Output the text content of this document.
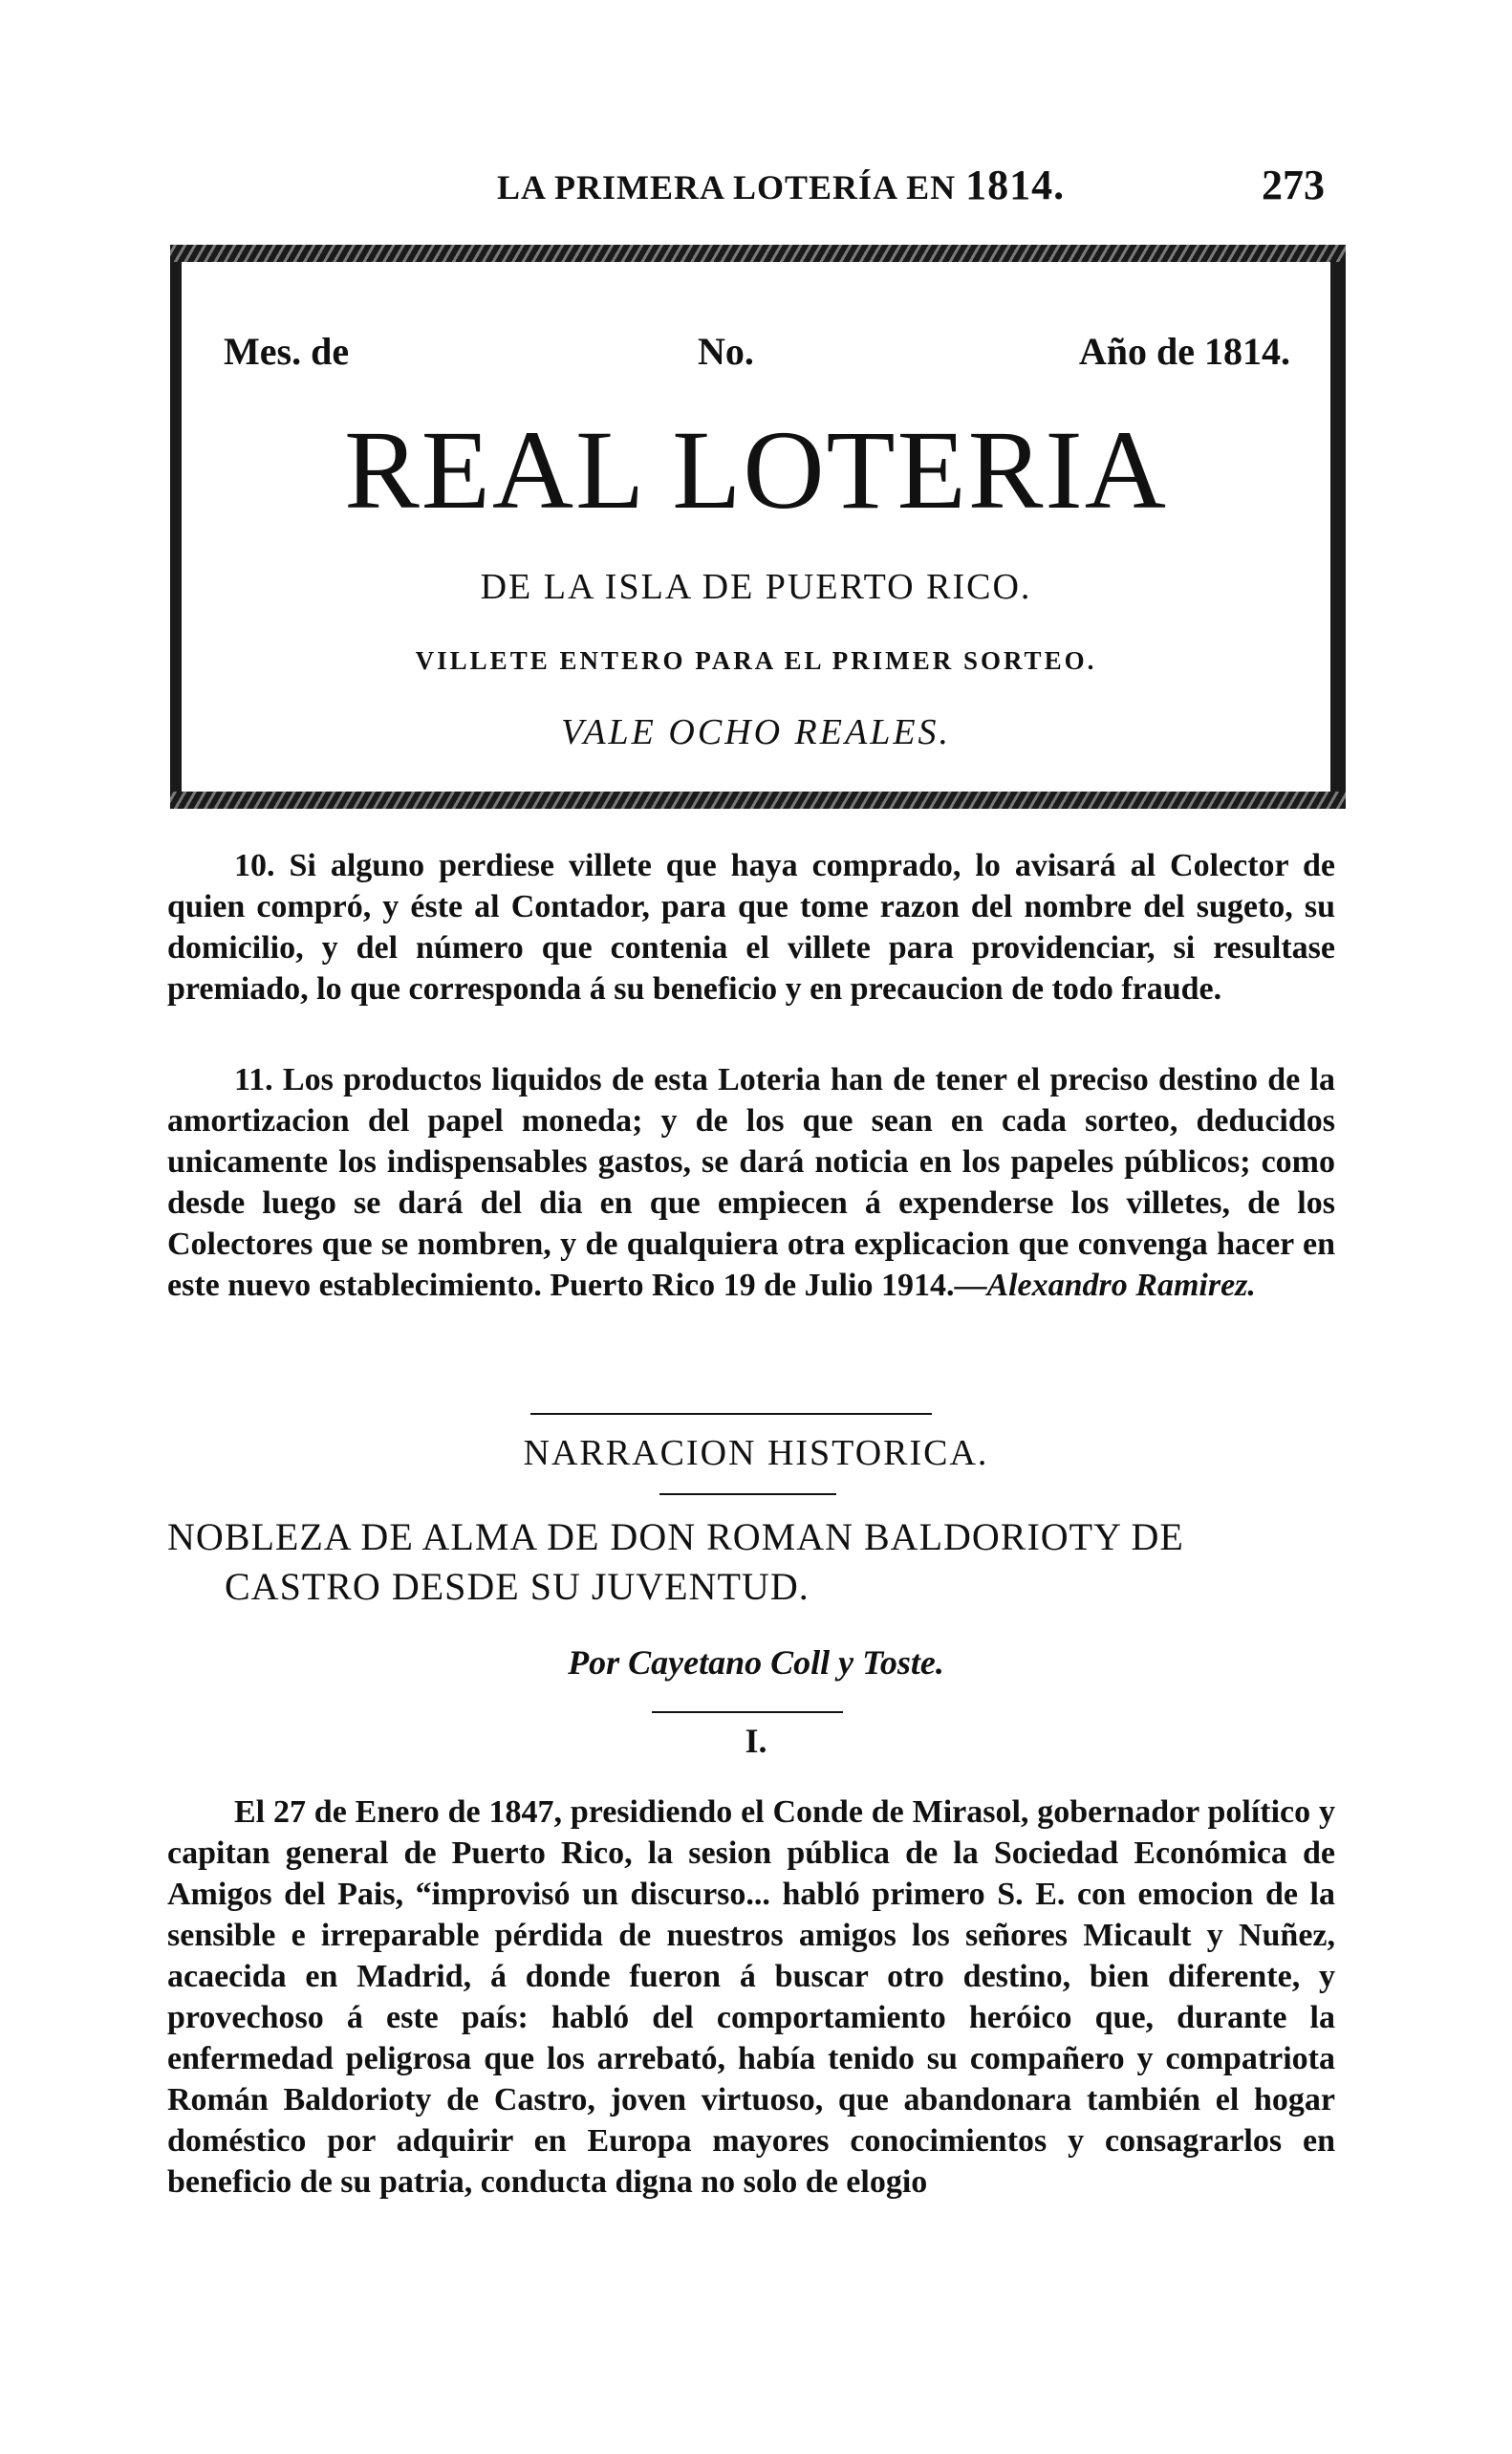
LA PRIMERA LOTERÍA EN 1814.	273
Mes. de	No.	Año de 1814.
REAL LOTERIA
DE LA ISLA DE PUERTO RICO.
VILLETE ENTERO PARA EL PRIMER SORTEO.
VALE OCHO REALES.
10. Si alguno perdiese villete que haya comprado, lo avisará al Colector de quien compró, y éste al Contador, para que tome razon del nombre del sugeto, su domicilio, y del número que contenia el villete para providenciar, si resultase premiado, lo que corresponda á su beneficio y en precaucion de todo fraude.
11. Los productos liquidos de esta Loteria han de tener el preciso destino de la amortizacion del papel moneda; y de los que sean en cada sorteo, deducidos unicamente los indispensables gastos, se dará noticia en los papeles públicos; como desde luego se dará del dia en que empiecen á expenderse los villetes, de los Colectores que se nombren, y de qualquiera otra explicacion que convenga hacer en este nuevo establecimiento. Puerto Rico 19 de Julio 1914.—Alexandro Ramirez.
NARRACION HISTORICA.
NOBLEZA DE ALMA DE DON ROMAN BALDORIOTY DE
CASTRO DESDE SU JUVENTUD.
Por Cayetano Coll y Toste.
I.
El 27 de Enero de 1847, presidiendo el Conde de Mirasol, gobernador político y capitan general de Puerto Rico, la sesion pública de la Sociedad Económica de Amigos del Pais, “improvisó un discurso... habló primero S. E. con emocion de la sensible e irreparable pérdida de nuestros amigos los señores Micault y Nuñez, acaecida en Madrid, á donde fueron á buscar otro destino, bien diferente, y provechoso á este país: habló del comportamiento heróico que, durante la enfermedad peligrosa que los arrebató, había tenido su compañero y compatriota Román Baldorioty de Castro, joven virtuoso, que abandonara también el hogar doméstico por adquirir en Europa mayores conocimientos y consagrarlos en beneficio de su patria, conducta digna no solo de elogio
